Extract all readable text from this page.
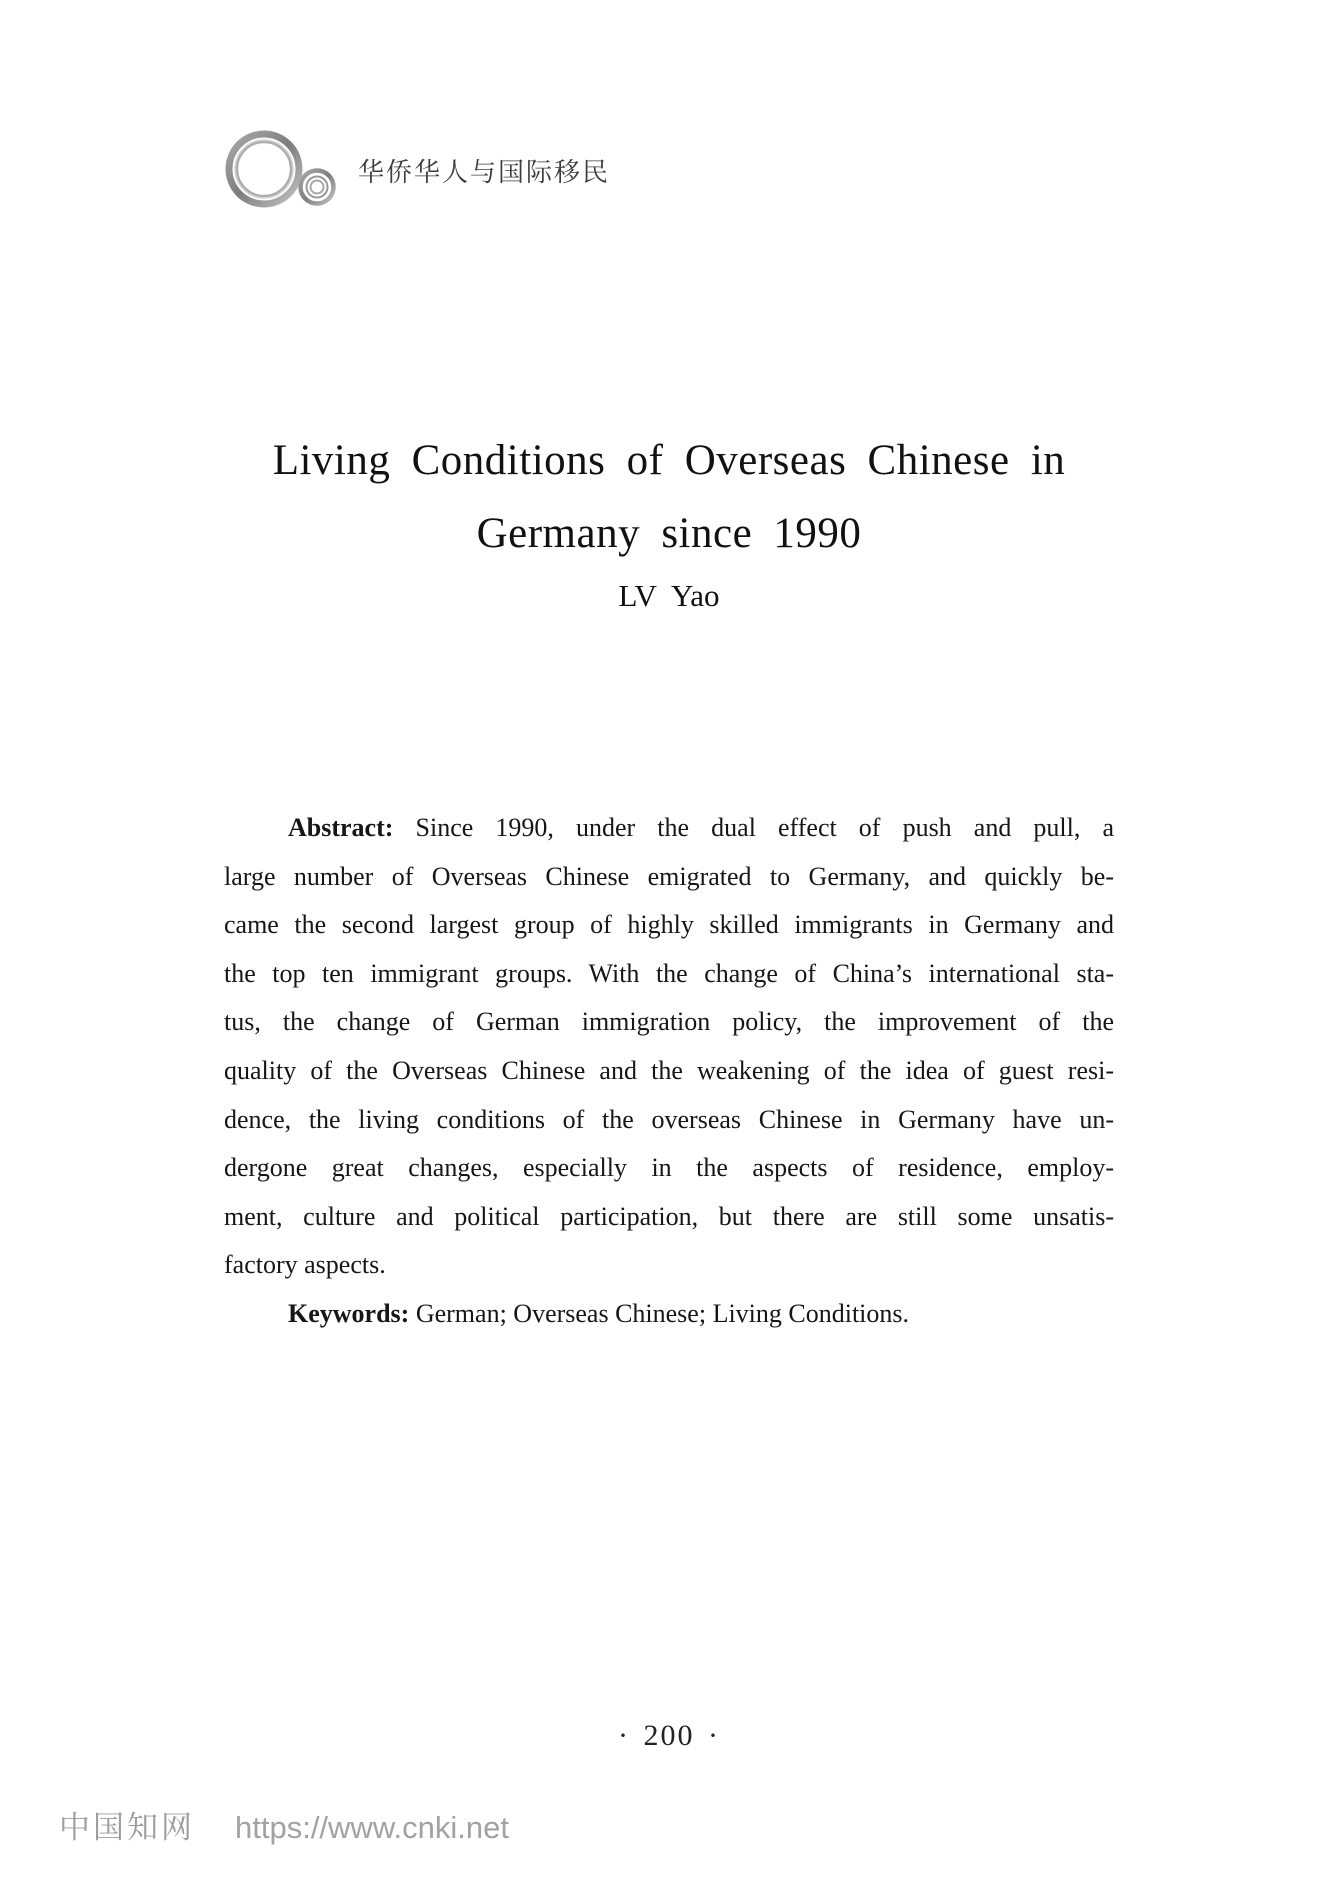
华侨华人与国际移民
Living Conditions of Overseas Chinese in
Germany since 1990
LV Yao
Abstract: Since 1990, under the dual effect of push and pull, a
large number of Overseas Chinese emigrated to Germany, and quickly be-
came the second largest group of highly skilled immigrants in Germany and
the top ten immigrant groups. With the change of China’s international sta-
tus, the change of German immigration policy, the improvement of the
quality of the Overseas Chinese and the weakening of the idea of guest resi-
dence, the living conditions of the overseas Chinese in Germany have un-
dergone great changes, especially in the aspects of residence, employ-
ment, culture and political participation, but there are still some unsatis-
factory aspects.
Keywords: German; Overseas Chinese; Living Conditions.
· 200 ·
中国知网 https://www.cnki.net
